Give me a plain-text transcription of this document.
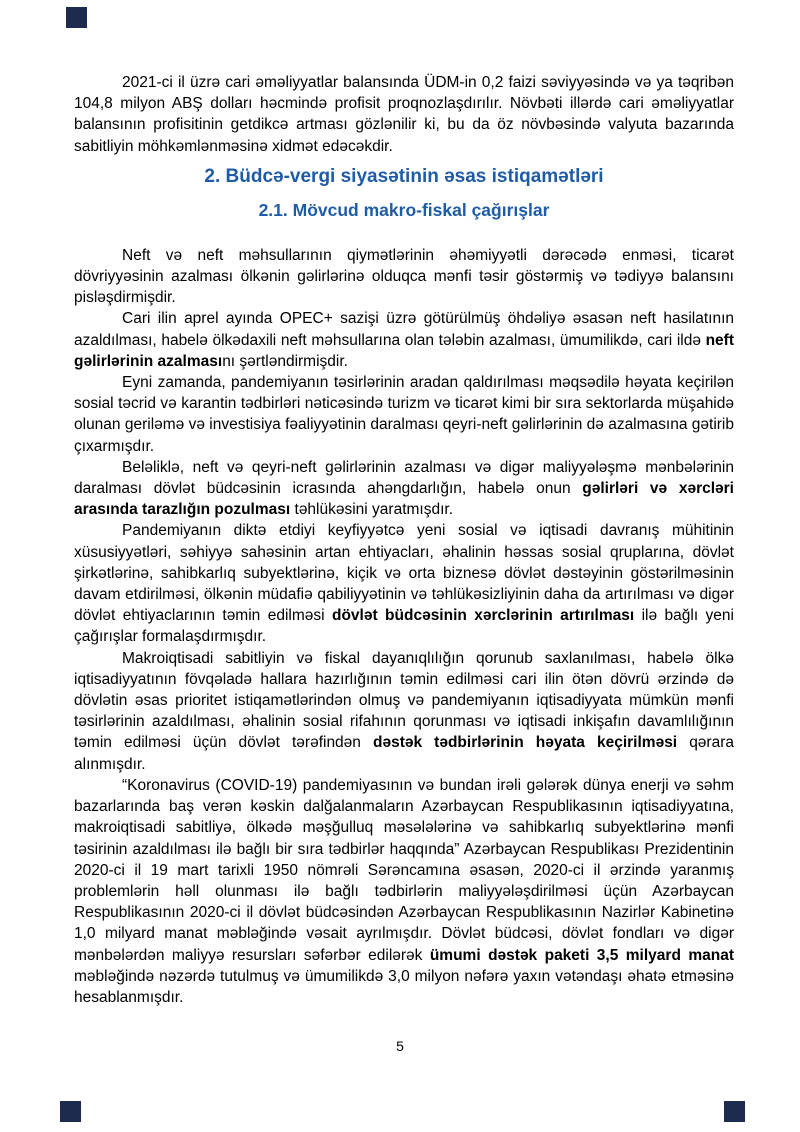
2021-ci il üzrə cari əməliyyatlar balansında ÜDM-in 0,2 faizi səviyyəsində və ya təqribən 104,8 milyon ABŞ dolları həcmində profisit proqnozlaşdırılır. Növbəti illərdə cari əməliyyatlar balansının profisitinin getdikcə artması gözlənilir ki, bu da öz növbəsində valyuta bazarında sabitliyin möhkəmlənməsinə xidmət edəcəkdir.

2. Büdcə-vergi siyasətinin əsas istiqamətləri
2.1. Mövcud makro-fiskal çağırışlar

Neft və neft məhsullarının qiymətlərinin əhəmiyyətli dərəcədə enməsi, ticarət dövriyyəsinin azalması ölkənin gəlirlərinə olduqca mənfi təsir göstərmiş və tədiyyə balansını pisləşdirmişdir.

Cari ilin aprel ayında OPEC+ sazişi üzrə götürülmüş öhdəliyə əsasən neft hasilatının azaldılması, habelə ölkədaxili neft məhsullarına olan tələbin azalması, ümumilikdə, cari ildə neft gəlirlərinin azalmasını şərtləndirmişdir.

Eyni zamanda, pandemiyanın təsirlərinin aradan qaldırılması məqsədilə həyata keçirilən sosial təcrid və karantin tədbirləri nəticəsində turizm və ticarət kimi bir sıra sektorlarda müşahidə olunan geriləmə və investisiya fəaliyyətinin daralması qeyri-neft gəlirlərinin də azalmasına gətirib çıxarmışdır.

Beləliklə, neft və qeyri-neft gəlirlərinin azalması və digər maliyyələşmə mənbələrinin daralması dövlət büdcəsinin icrasında ahəngdarlığın, habelə onun gəlirləri və xərcləri arasında tarazlığın pozulması təhlükəsini yaratmışdır.

Pandemiyanın diktə etdiyi keyfiyyətcə yeni sosial və iqtisadi davranış mühitinin xüsusiyyətləri, səhiyyə sahəsinin artan ehtiyacları, əhalinin həssas sosial qruplarına, dövlət şirkətlərinə, sahibkarlıq subyektlərinə, kiçik və orta biznesə dövlət dəstəyinin göstərilməsinin davam etdirilməsi, ölkənin müdafiə qabiliyyətinin və təhlükəsizliyinin daha da artırılması və digər dövlət ehtiyaclarının təmin edilməsi dövlət büdcəsinin xərclərinin artırılması ilə bağlı yeni çağırışlar formalaşdırmışdır.

Makroiqtisadi sabitliyin və fiskal dayanıqlılığın qorunub saxlanılması, habelə ölkə iqtisadiyyatının fövqəladə hallara hazırlığının təmin edilməsi cari ilin ötən dövrü ərzində də dövlətin əsas prioritet istiqamətlərindən olmuş və pandemiyanın iqtisadiyyata mümkün mənfi təsirlərinin azaldılması, əhalinin sosial rifahının qorunması və iqtisadi inkişafın davamlılığının təmin edilməsi üçün dövlət tərəfindən dəstək tədbirlərinin həyata keçirilməsi qərara alınmışdır.

“Koronavirus (COVID-19) pandemiyasının və bundan irəli gələrək dünya enerji və səhm bazarlarında baş verən kəskin dalğalanmaların Azərbaycan Respublikasının iqtisadiyyatına, makroiqtisadi sabitliyə, ölkədə məşğulluq məsələlərinə və sahibkarlıq subyektlərinə mənfi təsirinin azaldılması ilə bağlı bir sıra tədbirlər haqqında” Azərbaycan Respublikası Prezidentinin 2020-ci il 19 mart tarixli 1950 nömrəli Sərəncamına əsasən, 2020-ci il ərzində yaranmış problemlərin həll olunması ilə bağlı tədbirlərin maliyyələşdirilməsi üçün Azərbaycan Respublikasının 2020-ci il dövlət büdcəsindən Azərbaycan Respublikasının Nazirlər Kabinetinə 1,0 milyard manat məbləğində vəsait ayrılmışdır. Dövlət büdcəsi, dövlət fondları və digər mənbələrdən maliyyə resursları səfərbər edilərək ümumi dəstək paketi 3,5 milyard manat məbləğində nəzərdə tutulmuş və ümumilikdə 3,0 milyon nəfərə yaxın vətəndaşı əhatə etməsinə hesablanmışdır.

5
